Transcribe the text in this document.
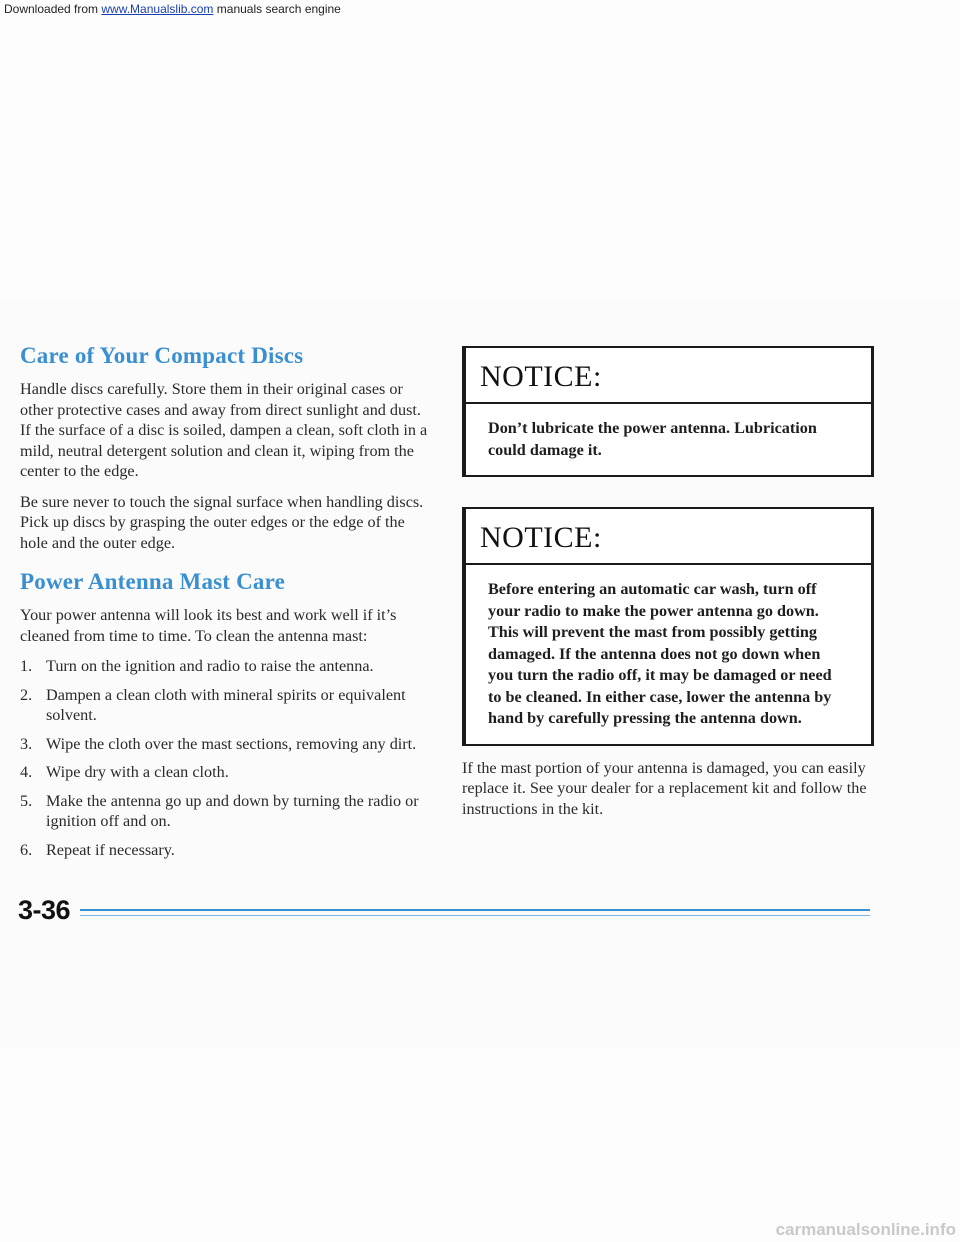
Downloaded from www.Manualslib.com manuals search engine
Care of Your Compact Discs

Handle discs carefully. Store them in their original cases or other protective cases and away from direct sunlight and dust. If the surface of a disc is soiled, dampen a clean, soft cloth in a mild, neutral detergent solution and clean it, wiping from the center to the edge.

Be sure never to touch the signal surface when handling discs. Pick up discs by grasping the outer edges or the edge of the hole and the outer edge.

Power Antenna Mast Care

Your power antenna will look its best and work well if it’s cleaned from time to time. To clean the antenna mast:

1. Turn on the ignition and radio to raise the antenna.
2. Dampen a clean cloth with mineral spirits or equivalent solvent.
3. Wipe the cloth over the mast sections, removing any dirt.
4. Wipe dry with a clean cloth.
5. Make the antenna go up and down by turning the radio or ignition off and on.
6. Repeat if necessary.
NOTICE:
Don’t lubricate the power antenna. Lubrication could damage it.
NOTICE:
Before entering an automatic car wash, turn off your radio to make the power antenna go down. This will prevent the mast from possibly getting damaged. If the antenna does not go down when you turn the radio off, it may be damaged or need to be cleaned. In either case, lower the antenna by hand by carefully pressing the antenna down.

If the mast portion of your antenna is damaged, you can easily replace it. See your dealer for a replacement kit and follow the instructions in the kit.

3-36
carmanualsonline.info
